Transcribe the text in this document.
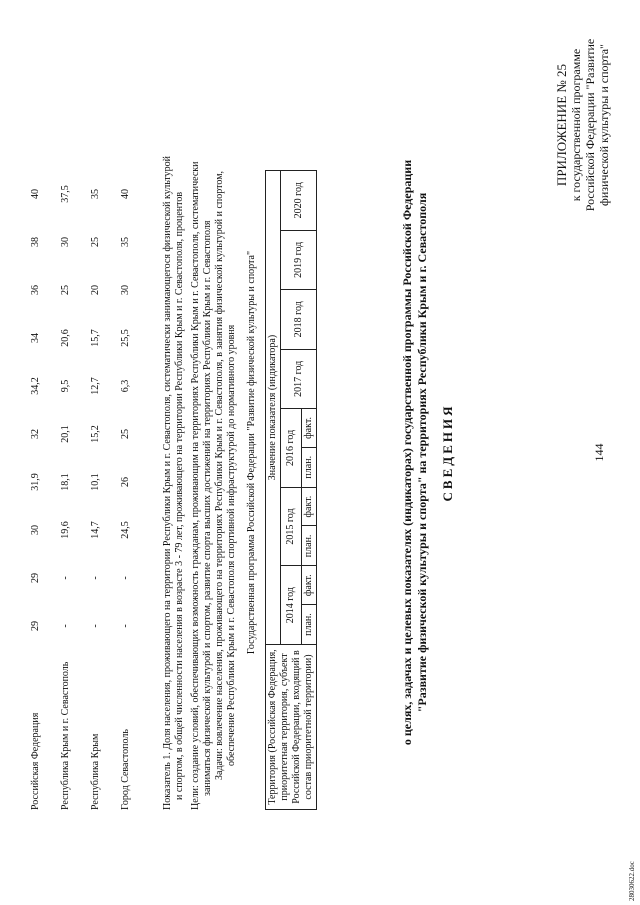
144
ПРИЛОЖЕНИЕ № 25 к государственной программе Российской Федерации "Развитие физической культуры и спорта"
СВЕДЕНИЯ
о целях, задачах и целевых показателях (индикаторах) государственной программы Российской Федерации "Развитие физической культуры и спорта" на территориях Республики Крым и г. Севастополя
Территория (Российская Федерация, приоритетная территория, субъект Российской Федерации, входящий в состав приоритетной территории)	Значение показателя (индикатора)									
	2014 год		2015 год		2016 год		2017 год	2018 год	2019 год	2020 год
	план.	факт.	план.	факт.	план.	факт.				
Государственная программа Российской Федерации "Развитие физической культуры и спорта"
Цели: создание условий, обеспечивающих возможность гражданам, проживающим на территориях Республики Крым и г. Севастополя, систематически заниматься физической культурой и спортом, развитие спорта высших достижений на территориях Республики Крым и г. Севастополя Задачи: вовлечение населения, проживающего на территориях Республики Крым и г. Севастополя, в занятия физической культурой и спортом, обеспечение Республики Крым и г. Севастополя спортивной инфраструктурой до нормативного уровня
Показатель 1. Доля населения, проживающего на территории Республики Крым и г. Севастополя, систематически занимающегося физической культурой и спортом, в общей численности населения в возрасте 3 - 79 лет, проживающего на территории Республики Крым и г. Севастополя, процентов
Российская Федерация	29	29	30	31,9	32	34,2	34	36	38	40
Республика Крым и г. Севастополь	-	-	19,6	18,1	20,1	9,5	20,6	25	30	37,5
Республика Крым	-	-	14,7	10,1	15,2	12,7	15,7	20	25	35
Город Севастополь	-	-	24,5	26	25	6,3	25,5	30	35	40
28030622.doc
